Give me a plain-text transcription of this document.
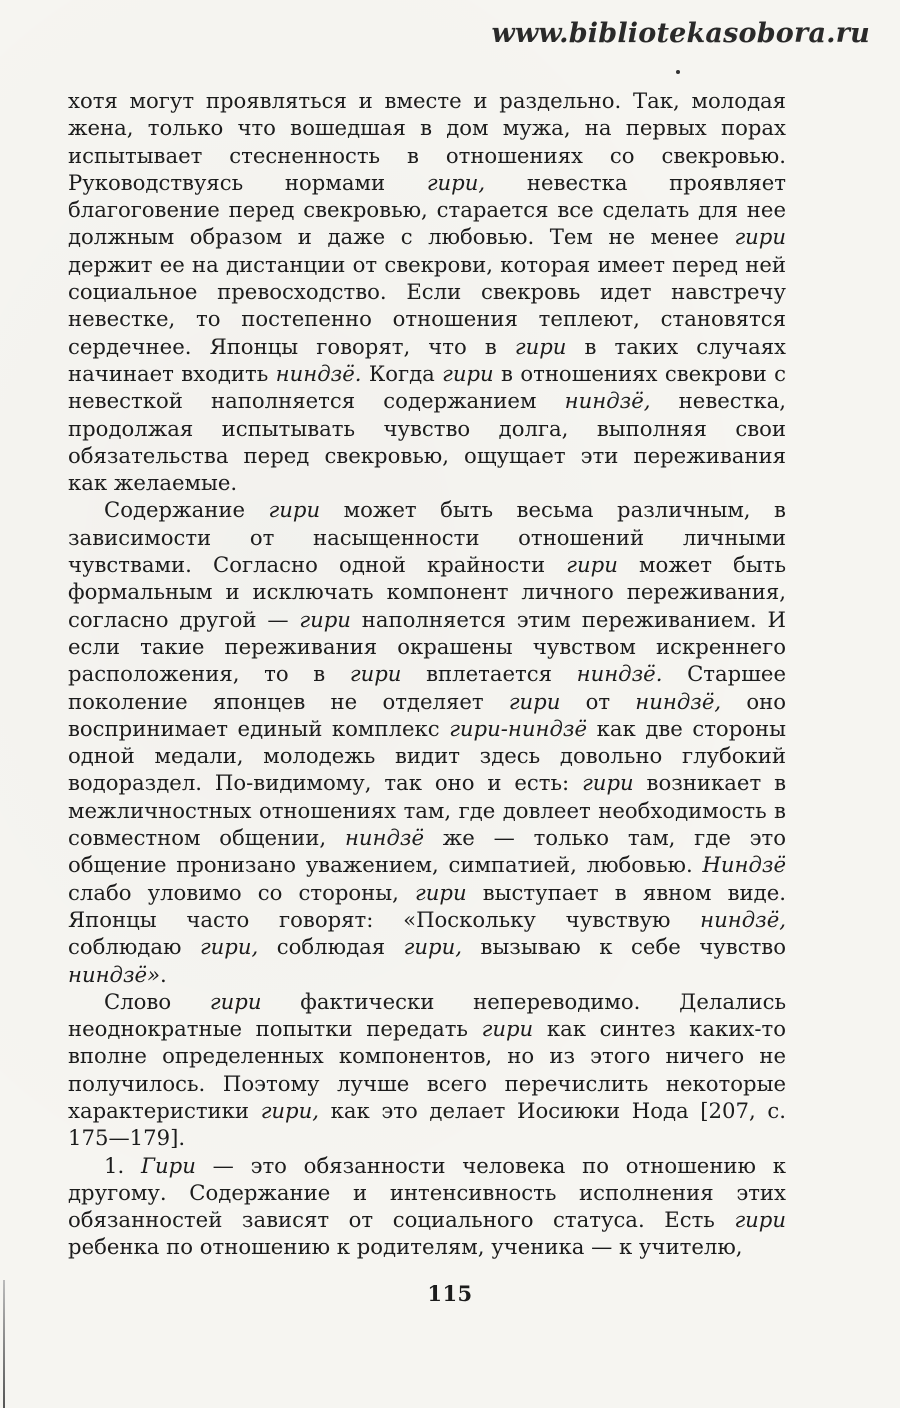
www.bibliotekasobora.ru

хотя могут проявляться и вместе и раздельно. Так, молодая жена, только что вошедшая в дом мужа, на первых порах испытывает стесненность в отношениях со свекровью. Руководствуясь нормами гири, невестка проявляет благоговение перед свекровью, старается все сделать для нее должным образом и даже с любовью. Тем не менее гири держит ее на дистанции от свекрови, которая имеет перед ней социальное превосходство. Если свекровь идет навстречу невестке, то постепенно отношения теплеют, становятся сердечнее. Японцы говорят, что в гири в таких случаях начинает входить ниндзё. Когда гири в отношениях свекрови с невесткой наполняется содержанием ниндзё, невестка, продолжая испытывать чувство долга, выполняя свои обязательства перед свекровью, ощущает эти переживания как желаемые.

Содержание гири может быть весьма различным, в зависимости от насыщенности отношений личными чувствами. Согласно одной крайности гири может быть формальным и исключать компонент личного переживания, согласно другой — гири наполняется этим переживанием. И если такие переживания окрашены чувством искреннего расположения, то в гири вплетается ниндзё. Старшее поколение японцев не отделяет гири от ниндзё, оно воспринимает единый комплекс гири-ниндзё как две стороны одной медали, молодежь видит здесь довольно глубокий водораздел. По-видимому, так оно и есть: гири возникает в межличностных отношениях там, где довлеет необходимость в совместном общении, ниндзё же — только там, где это общение пронизано уважением, симпатией, любовью. Ниндзё слабо уловимо со стороны, гири выступает в явном виде. Японцы часто говорят: «Поскольку чувствую ниндзё, соблюдаю гири, соблюдая гири, вызываю к себе чувство ниндзё».

Слово гири фактически непереводимо. Делались неоднократные попытки передать гири как синтез каких-то вполне определенных компонентов, но из этого ничего не получилось. Поэтому лучше всего перечислить некоторые характеристики гири, как это делает Иосиюки Нода [207, с. 175—179].

1. Гири — это обязанности человека по отношению к другому. Содержание и интенсивность исполнения этих обязанностей зависят от социального статуса. Есть гири ребенка по отношению к родителям, ученика — к учителю,

115
